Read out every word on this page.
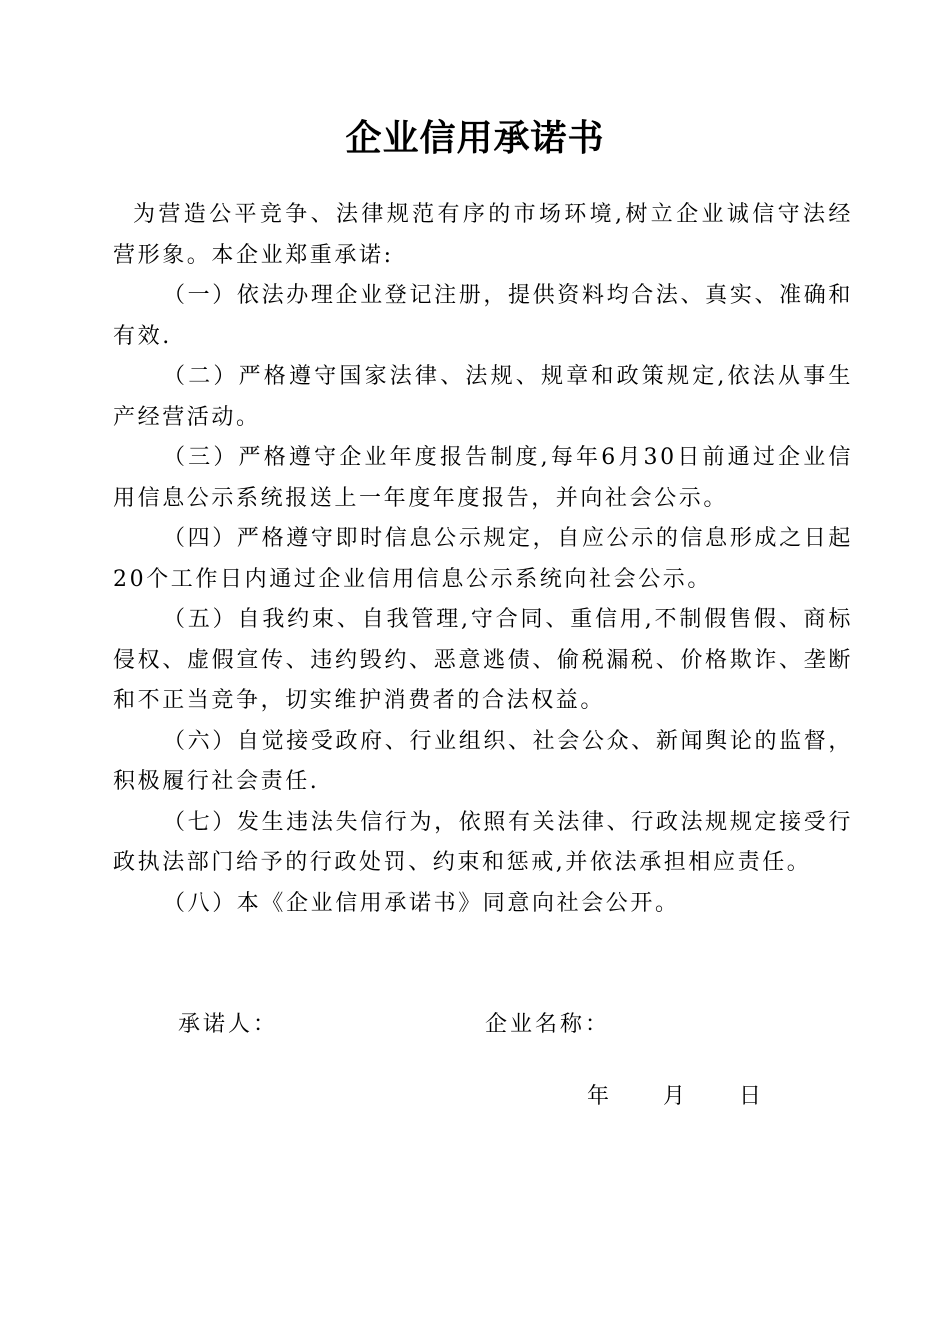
企业信用承诺书

为营造公平竞争、法律规范有序的市场环境,树立企业诚信守法经营形象。本企业郑重承诺:

（一）依法办理企业登记注册，提供资料均合法、真实、准确和有效.

（二）严格遵守国家法律、法规、规章和政策规定,依法从事生产经营活动。

（三）严格遵守企业年度报告制度,每年6月30日前通过企业信用信息公示系统报送上一年度年度报告，并向社会公示。

（四）严格遵守即时信息公示规定，自应公示的信息形成之日起20个工作日内通过企业信用信息公示系统向社会公示。

（五）自我约束、自我管理,守合同、重信用,不制假售假、商标侵权、虚假宣传、违约毁约、恶意逃债、偷税漏税、价格欺诈、垄断和不正当竞争，切实维护消费者的合法权益。

（六）自觉接受政府、行业组织、社会公众、新闻舆论的监督，积极履行社会责任.

（七）发生违法失信行为，依照有关法律、行政法规规定接受行政执法部门给予的行政处罚、约束和惩戒,并依法承担相应责任。

（八）本《企业信用承诺书》同意向社会公开。

承诺人：	企业名称：
年 月 日
